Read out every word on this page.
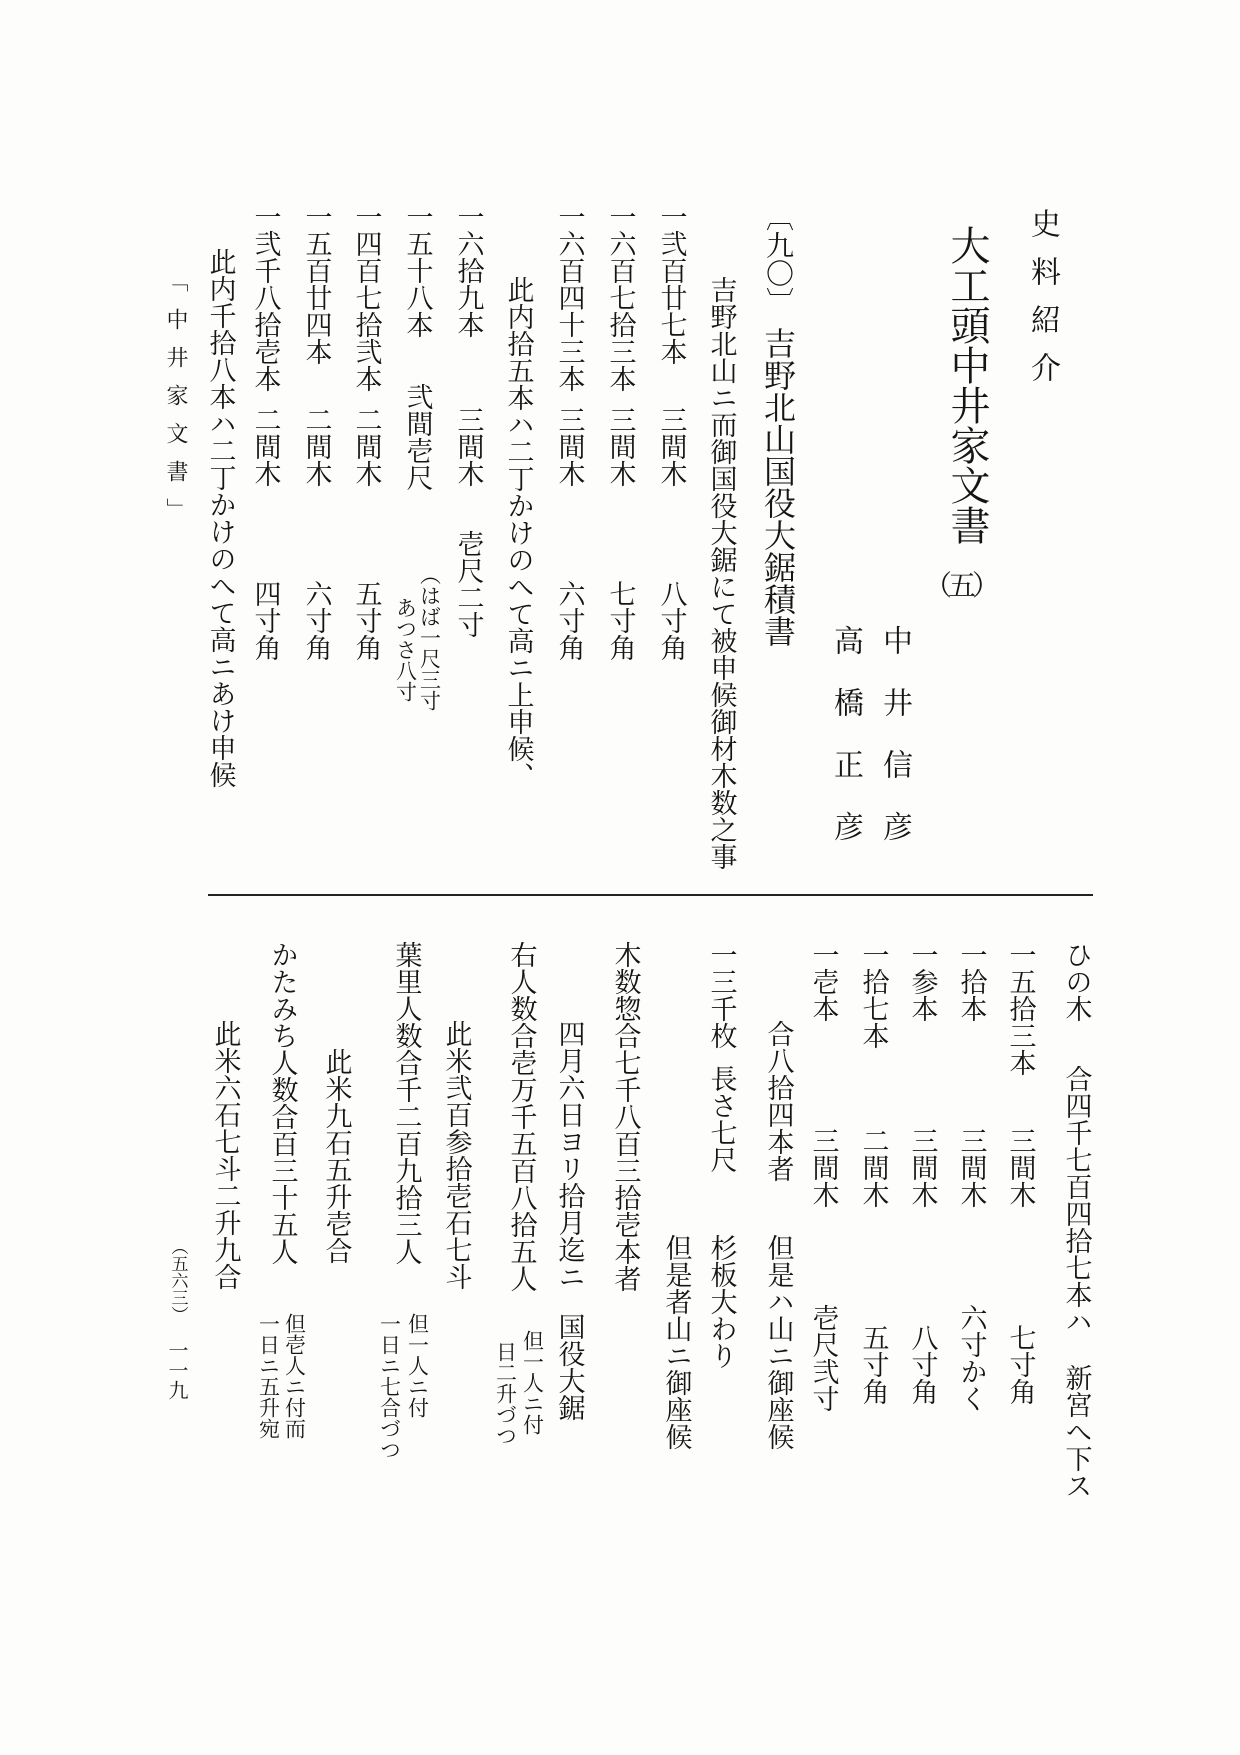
史料紹介
大工頭中井家文書
（五）
中井信彦
高橋正彦
〔九〇〕
吉野北山国役大鋸積書
吉野北山ニ而御国役大鋸にて被申候御材木数之事
一弐百廿七本
三間木
八寸角
一六百七拾三本
三間木
七寸角
一六百四十三本
三間木
六寸角
此内拾五本ハ二丁かけのへて高ニ上申候、
一六拾九本
三間木
壱尺二寸
一五十八本
弐間壱尺
（はば一尺三寸
あつさ八寸
一四百七拾弐本
二間木
五寸角
一五百廿四本
二間木
六寸角
一弐千八拾壱本
二間木
四寸角
此内千拾八本ハ二丁かけのへて高ニあけ申候
「中井家文書」
ひの木
合四千七百四拾七本ハ
新宮へ下ス
一五拾三本
三間木
七寸角
一拾本
三間木
六寸かく
一参本
三間木
八寸角
一拾七本
二間木
五寸角
一壱本
三間木
壱尺弐寸
合八拾四本者
但是ハ山ニ御座候
一三千枚
長さ七尺
杉板大わり
但是者山ニ御座候
木数惣合七千八百三拾壱本者
四月六日ヨリ拾月迄ニ
国役大鋸
右人数合壱万千五百八拾五人
但一人ニ付
日二升づつ
此米弐百参拾壱石七斗
葉里人数合千二百九拾三人
但一人ニ付
一日ニ七合づつ
此米九石五升壱合
かたみち人数合百三十五人
但壱人ニ付而
一日ニ五升宛
此米六石七斗二升九合
（五六三）
一一九
